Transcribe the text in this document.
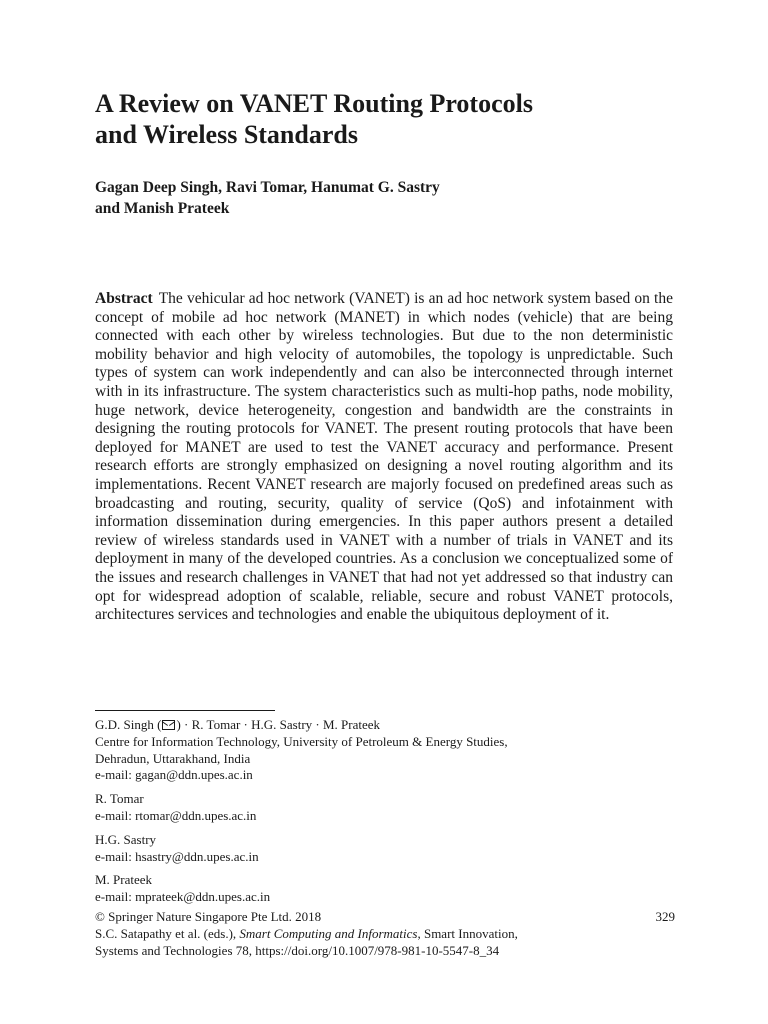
A Review on VANET Routing Protocols
and Wireless Standards
Gagan Deep Singh, Ravi Tomar, Hanumat G. Sastry
and Manish Prateek
Abstract The vehicular ad hoc network (VANET) is an ad hoc network system based on the concept of mobile ad hoc network (MANET) in which nodes (vehicle) that are being connected with each other by wireless technologies. But due to the non deterministic mobility behavior and high velocity of automobiles, the topology is unpredictable. Such types of system can work independently and can also be interconnected through internet with in its infrastructure. The system characteristics such as multi-hop paths, node mobility, huge network, device heterogeneity, congestion and bandwidth are the constraints in designing the routing protocols for VANET. The present routing protocols that have been deployed for MANET are used to test the VANET accuracy and performance. Present research efforts are strongly emphasized on designing a novel routing algorithm and its implementations. Recent VANET research are majorly focused on predefined areas such as broadcasting and routing, security, quality of service (QoS) and infotainment with information dissemination during emergencies. In this paper authors present a detailed review of wireless standards used in VANET with a number of trials in VANET and its deployment in many of the developed countries. As a conclusion we conceptualized some of the issues and research challenges in VANET that had not yet addressed so that industry can opt for widespread adoption of scalable, reliable, secure and robust VANET protocols, architectures services and technologies and enable the ubiquitous deployment of it.
G.D. Singh ( ) · R. Tomar · H.G. Sastry · M. Prateek
Centre for Information Technology, University of Petroleum & Energy Studies,
Dehradun, Uttarakhand, India
e-mail: gagan@ddn.upes.ac.in
R. Tomar
e-mail: rtomar@ddn.upes.ac.in
H.G. Sastry
e-mail: hsastry@ddn.upes.ac.in
M. Prateek
e-mail: mprateek@ddn.upes.ac.in
© Springer Nature Singapore Pte Ltd. 2018
S.C. Satapathy et al. (eds.), Smart Computing and Informatics, Smart Innovation,
Systems and Technologies 78, https://doi.org/10.1007/978-981-10-5547-8_34
329
